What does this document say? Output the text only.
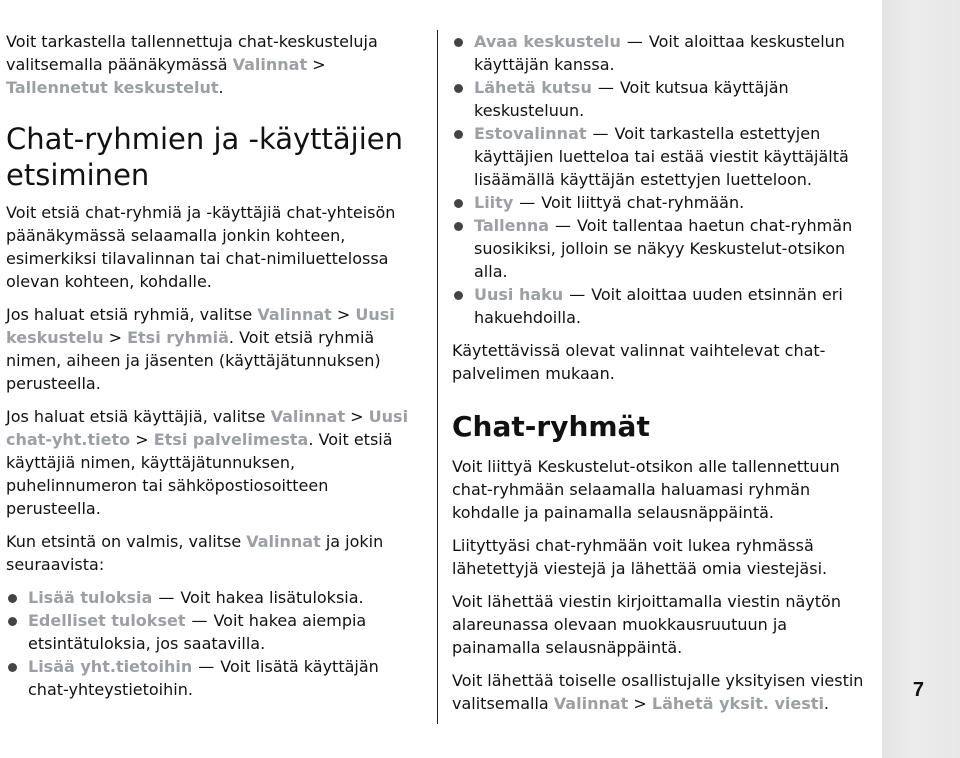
Voit tarkastella tallennettuja chat-keskusteluja valitsemalla päänäkymässä Valinnat > Tallennetut keskustelut.

Chat-ryhmien ja -käyttäjien etsiminen

Voit etsiä chat-ryhmiä ja -käyttäjiä chat-yhteisön päänäkymässä selaamalla jonkin kohteen, esimerkiksi tilavalinnan tai chat-nimiluettelossa olevan kohteen, kohdalle.

Jos haluat etsiä ryhmiä, valitse Valinnat > Uusi keskustelu > Etsi ryhmiä. Voit etsiä ryhmiä nimen, aiheen ja jäsenten (käyttäjätunnuksen) perusteella.

Jos haluat etsiä käyttäjiä, valitse Valinnat > Uusi chat-yht.tieto > Etsi palvelimesta. Voit etsiä käyttäjiä nimen, käyttäjätunnuksen, puhelinnumeron tai sähköpostiosoitteen perusteella.

Kun etsintä on valmis, valitse Valinnat ja jokin seuraavista:

Lisää tuloksia — Voit hakea lisätuloksia.
Edelliset tulokset — Voit hakea aiempia etsintätuloksia, jos saatavilla.
Lisää yht.tietoihin — Voit lisätä käyttäjän chat-yhteystietoihin.
Avaa keskustelu — Voit aloittaa keskustelun käyttäjän kanssa.
Lähetä kutsu — Voit kutsua käyttäjän keskusteluun.
Estovalinnat — Voit tarkastella estettyjen käyttäjien luetteloa tai estää viestit käyttäjältä lisäämällä käyttäjän estettyjen luetteloon.
Liity — Voit liittyä chat-ryhmään.
Tallenna — Voit tallentaa haetun chat-ryhmän suosikiksi, jolloin se näkyy Keskustelut-otsikon alla.
Uusi haku — Voit aloittaa uuden etsinnän eri hakuehdoilla.

Käytettävissä olevat valinnat vaihtelevat chat-palvelimen mukaan.

Chat-ryhmät

Voit liittyä Keskustelut-otsikon alle tallennettuun chat-ryhmään selaamalla haluamasi ryhmän kohdalle ja painamalla selausnäppäintä.

Liityttyäsi chat-ryhmään voit lukea ryhmässä lähetettyjä viestejä ja lähettää omia viestejäsi.

Voit lähettää viestin kirjoittamalla viestin näytön alareunassa olevaan muokkausruutuun ja painamalla selausnäppäintä.

Voit lähettää toiselle osallistujalle yksityisen viestin valitsemalla Valinnat > Lähetä yksit. viesti.

7
